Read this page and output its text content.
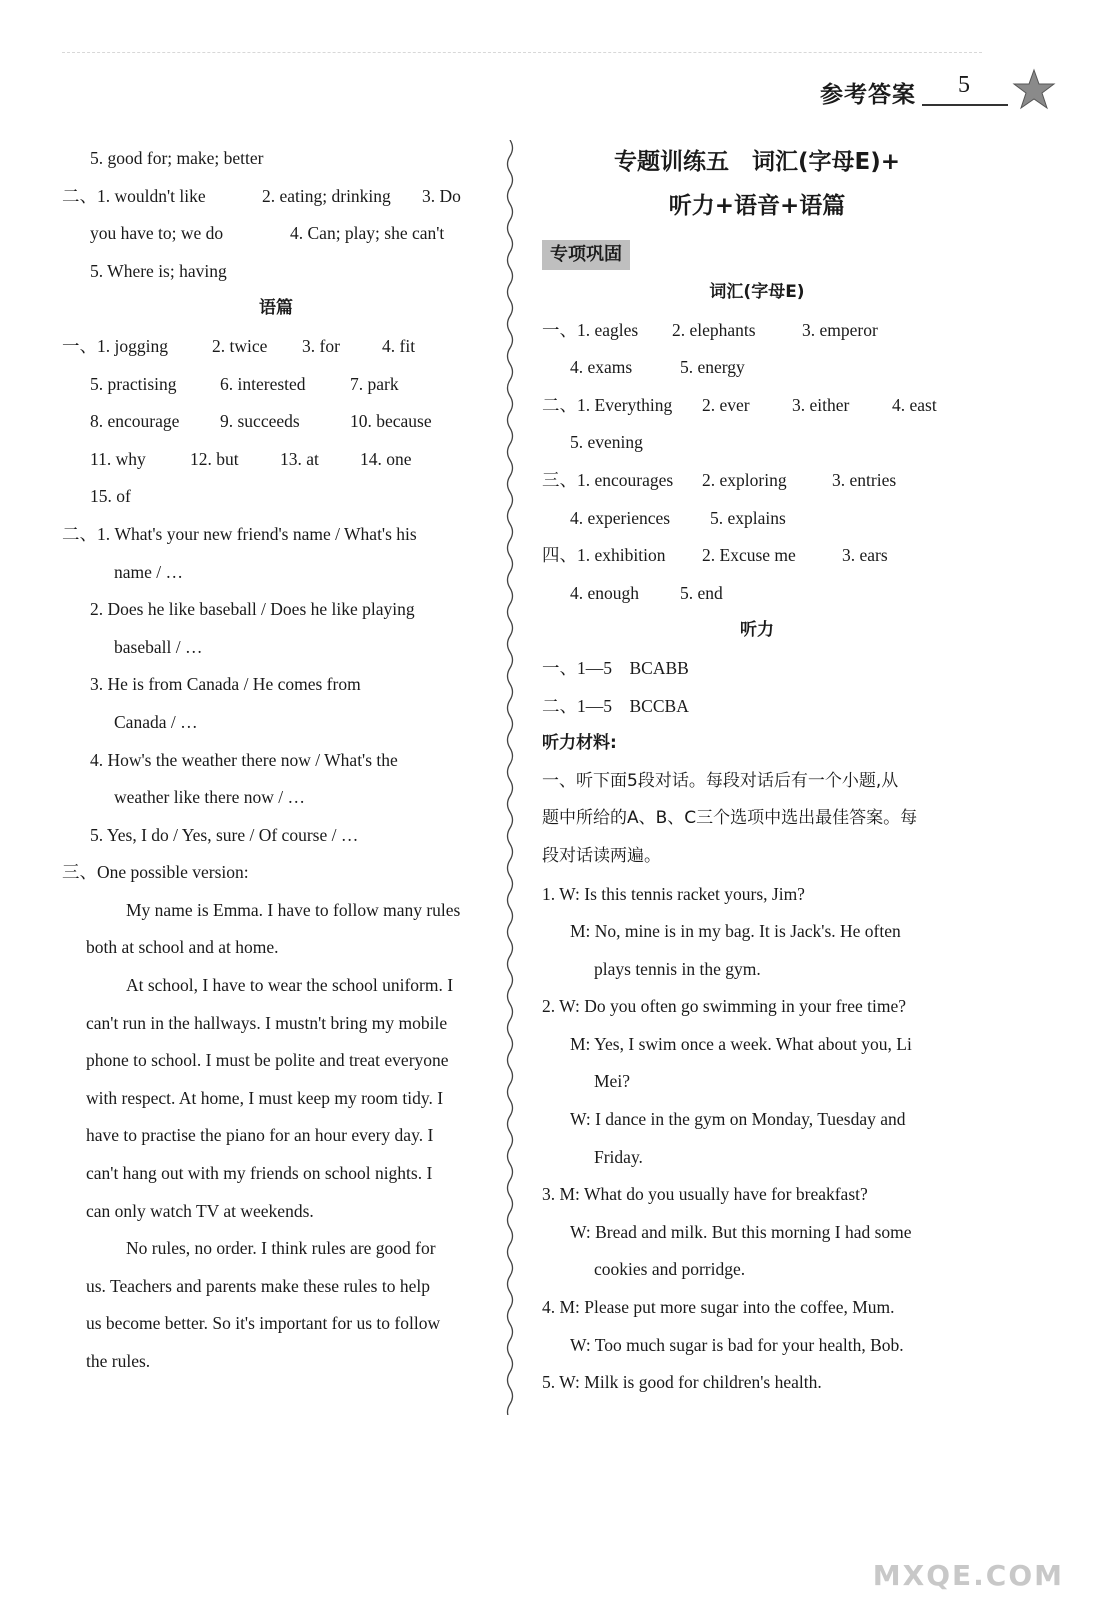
参考答案 5
5. good for; make; better
二、1. wouldn't like	2. eating; drinking 3. Do
you have to; we do	4. Can; play; she can't
5. Where is; having
语篇
一、1. jogging	2. twice 3. for 4. fit
5. practising 6. interested	7. park
8. encourage 9. succeeds	10. because
11. why	12. but 13. at 14. one
15. of
二、1. What's your new friend's name / What's his
name / …
2. Does he like baseball / Does he like playing
baseball / …
3. He is from Canada / He comes from
Canada / …
4. How's the weather there now / What's the
weather like there now / …
5. Yes, I do / Yes, sure / Of course / …
三、One possible version:
My name is Emma. I have to follow many rules
both at school and at home.
At school, I have to wear the school uniform. I
can't run in the hallways. I mustn't bring my mobile
phone to school. I must be polite and treat everyone
with respect. At home, I must keep my room tidy. I
have to practise the piano for an hour every day. I
can't hang out with my friends on school nights. I
can only watch TV at weekends.
No rules, no order. I think rules are good for
us. Teachers and parents make these rules to help
us become better. So it's important for us to follow
the rules.
专题训练五　词汇(字母E)+
听力+语音+语篇
专项巩固
词汇(字母E)
一、1. eagles 2. elephants	3. emperor
4. exams	5. energy
二、1. Everything 2. ever 3. either 4. east
5. evening
三、1. encourages 2. exploring	3. entries
4. experiences 5. explains
四、1. exhibition 2. Excuse me	3. ears
4. enough 5. end
听力
一、1—5　BCABB
二、1—5　BCCBA
听力材料:
一、听下面5段对话。每段对话后有一个小题,从
题中所给的A、B、C三个选项中选出最佳答案。每
段对话读两遍。
1. W: Is this tennis racket yours, Jim?
M: No, mine is in my bag. It is Jack's. He often
plays tennis in the gym.
2. W: Do you often go swimming in your free time?
M: Yes, I swim once a week. What about you, Li
Mei?
W: I dance in the gym on Monday, Tuesday and
Friday.
3. M: What do you usually have for breakfast?
W: Bread and milk. But this morning I had some
cookies and porridge.
4. M: Please put more sugar into the coffee, Mum.
W: Too much sugar is bad for your health, Bob.
5. W: Milk is good for children's health.
MXQE.COM
